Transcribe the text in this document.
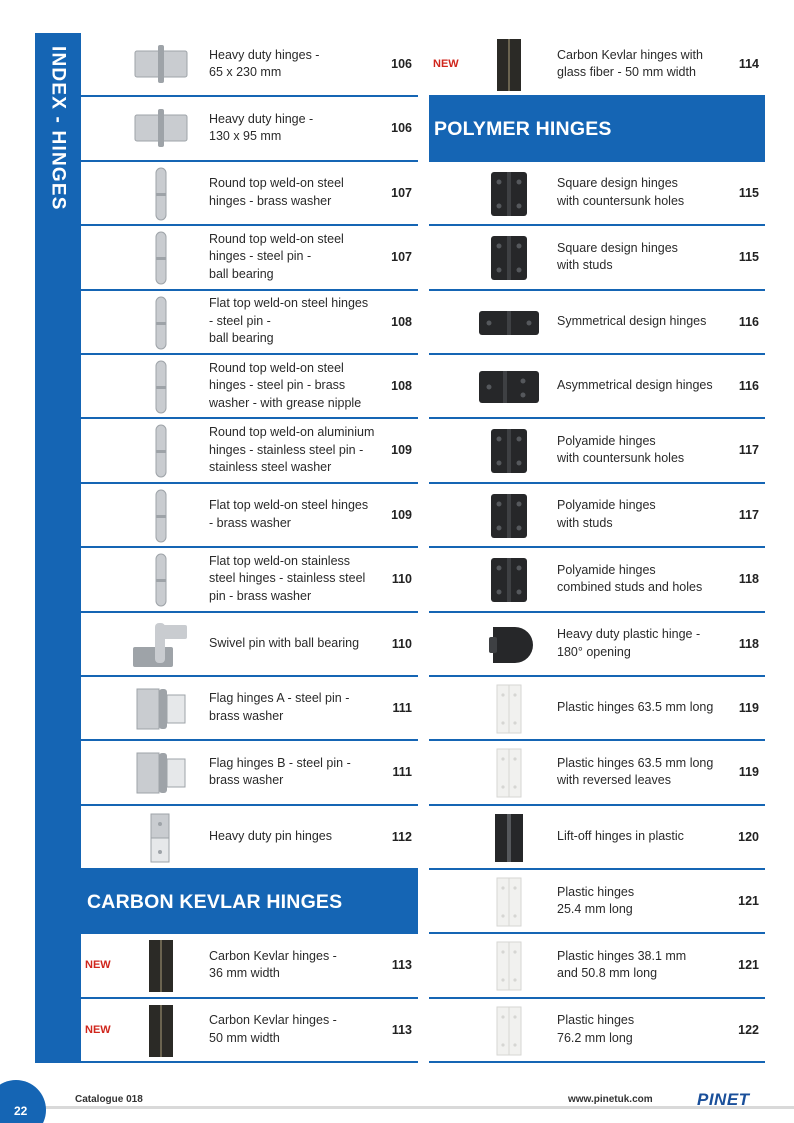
INDEX - HINGES	Heavy duty hinges -
65 x 230 mm
106
Heavy duty hinge -
130 x 95 mm
106
Round top weld-on steel
hinges - brass washer
107
Round top weld-on steel
hinges - steel pin -
ball bearing
107
Flat top weld-on steel hinges
- steel pin -
ball bearing
108
Round top weld-on steel
hinges - steel pin - brass
washer - with grease nipple
108
Round top weld-on aluminium
hinges - stainless steel pin -
stainless steel washer
109
Flat top weld-on steel hinges
- brass washer
109
Flat top weld-on stainless
steel hinges - stainless steel
pin - brass washer
110
Swivel pin with ball bearing	110
Flag hinges A - steel pin -
brass washer
111
Flag hinges B - steel pin -
brass washer
111
Heavy duty pin hinges	112
CARBON KEVLAR HINGES
NEW
Carbon Kevlar hinges -
36 mm width
113
NEW
Carbon Kevlar hinges -
50 mm width
113
NEW
Carbon Kevlar hinges with
glass fiber - 50 mm width
114
POLYMER HINGES
Square design hinges
with countersunk holes
115
Square design hinges
with studs
115
Symmetrical design hinges	116
Asymmetrical design hinges 116
Polyamide hinges
with countersunk holes
117
Polyamide hinges
with studs
117
Polyamide hinges
combined studs and holes
118
Heavy duty plastic hinge -
180° opening
118
Plastic hinges 63.5 mm long 119
Plastic hinges 63.5 mm long
with reversed leaves
119
Lift-off hinges in plastic	120
Plastic hinges
25.4 mm long
121
Plastic hinges 38.1 mm
and 50.8 mm long
121
Plastic hinges
76.2 mm long
122
22
Catalogue 018	www.pinetuk.com	PINET
